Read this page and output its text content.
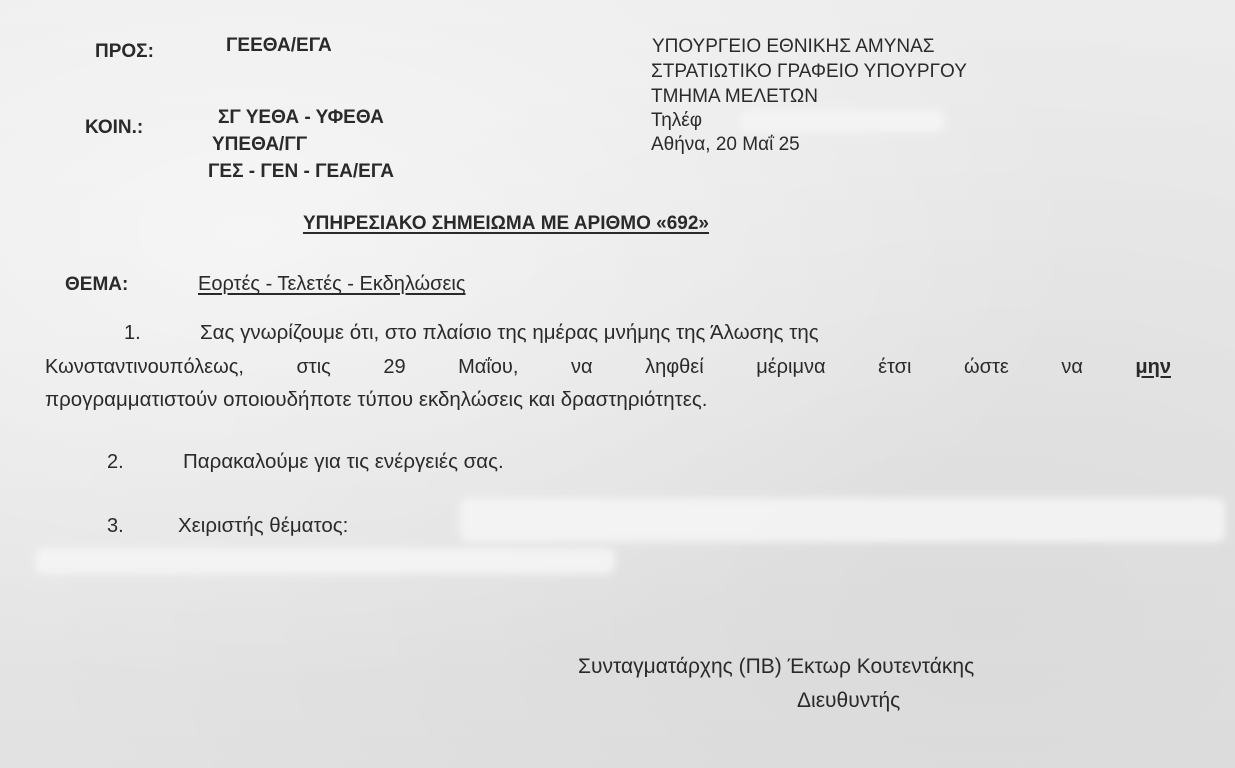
ΠΡΟΣ:	ΓΕΕΘΑ/ΕΓΑ
ΚΟΙΝ.:	ΣΓ ΥΕΘΑ - ΥΦΕΘΑ
ΥΠΕΘΑ/ΓΓ
ΓΕΣ - ΓΕΝ - ΓΕΑ/ΕΓΑ
ΥΠΟΥΡΓΕΙΟ ΕΘΝΙΚΗΣ ΑΜΥΝΑΣ
ΣΤΡΑΤΙΩΤΙΚΟ ΓΡΑΦΕΙΟ ΥΠΟΥΡΓΟΥ
ΤΜΗΜΑ ΜΕΛΕΤΩΝ
Τηλέφ
Αθήνα, 20 Μαΐ 25
ΥΠΗΡΕΣΙΑΚΟ ΣΗΜΕΙΩΜΑ ΜΕ ΑΡΙΘΜΟ «692»
ΘΕΜΑ:	Εορτές - Τελετές - Εκδηλώσεις
1.	Σας γνωρίζουμε ότι, στο πλαίσιο της ημέρας μνήμης της Άλωσης της
Κωνσταντινουπόλεως,	στις	29	Μαΐου,	να	ληφθεί	μέριμνα	έτσι	ώστε	να	μην
προγραμματιστούν οποιουδήποτε τύπου εκδηλώσεις και δραστηριότητες.
2.	Παρακαλούμε για τις ενέργειές σας.
3.	Χειριστής θέματος:
Συνταγματάρχης (ΠΒ) Έκτωρ Κουτεντάκης
Διευθυντής
